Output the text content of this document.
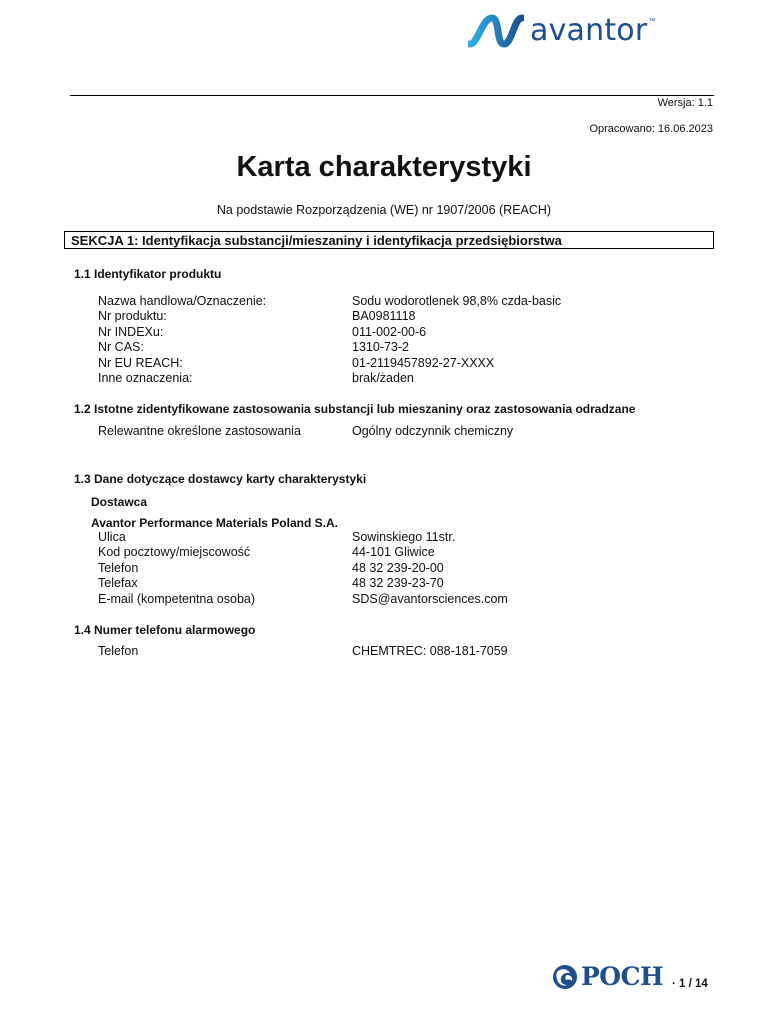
avantor ™
Wersja: 1.1
Opracowano: 16.06.2023
Karta charakterystyki
Na podstawie Rozporządzenia (WE) nr 1907/2006 (REACH)
SEKCJA 1: Identyfikacja substancji/mieszaniny i identyfikacja przedsiębiorstwa
1.1 Identyfikator produktu
Nazwa handlowa/Oznaczenie:	Sodu wodorotlenek 98,8% czda-basic
Nr produktu:	BA0981118
Nr INDEXu:	011-002-00-6
Nr CAS:	1310-73-2
Nr EU REACH:	01-2119457892-27-XXXX
Inne oznaczenia:	brak/żaden
1.2 Istotne zidentyfikowane zastosowania substancji lub mieszaniny oraz zastosowania odradzane
Relewantne określone zastosowania	Ogólny odczynnik chemiczny
1.3 Dane dotyczące dostawcy karty charakterystyki
Dostawca
Avantor Performance Materials Poland S.A.
Ulica	Sowinskiego 11str.
Kod pocztowy/miejscowość	44-101 Gliwice
Telefon	48 32 239-20-00
Telefax	48 32 239-23-70
E-mail (kompetentna osoba)	SDS@avantorsciences.com
1.4 Numer telefonu alarmowego
Telefon	CHEMTREC: 088-181-7059
POCH · 1 / 14
